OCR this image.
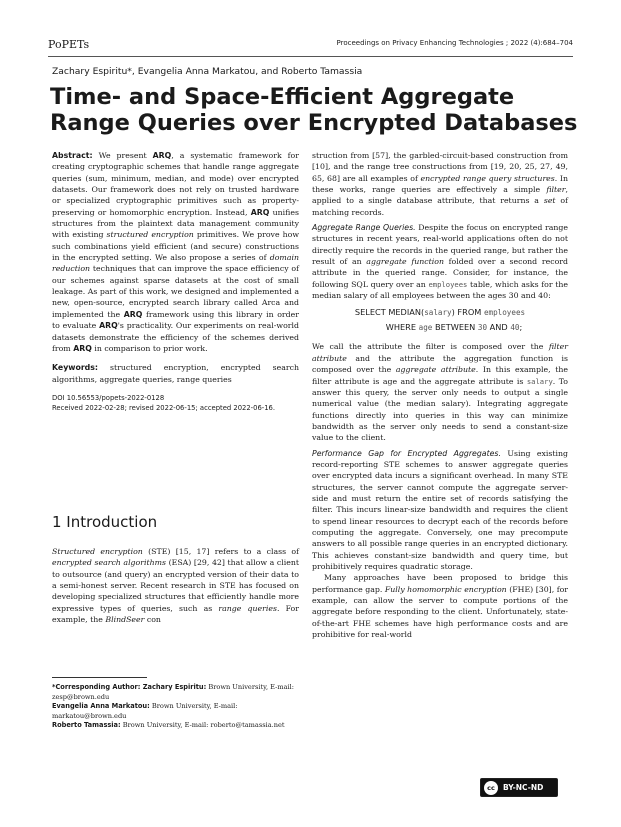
PoPETs	Proceedings on Privacy Enhancing Technologies ; 2022 (4):684–704
Zachary Espiritu*, Evangelia Anna Markatou, and Roberto Tamassia
Time- and Space-Efficient Aggregate Range Queries over Encrypted Databases

Abstract: We present ARQ, a systematic framework for creating cryptographic schemes that handle range aggregate queries (sum, minimum, median, and mode) over encrypted datasets. Our framework does not rely on trusted hardware or specialized cryptographic primitives such as property-preserving or homomorphic encryption. Instead, ARQ unifies structures from the plaintext data management community with existing structured encryption primitives. We prove how such combinations yield efficient (and secure) constructions in the encrypted setting. We also propose a series of domain reduction techniques that can improve the space efficiency of our schemes against sparse datasets at the cost of small leakage. As part of this work, we designed and implemented a new, open-source, encrypted search library called Arca and implemented the ARQ framework using this library in order to evaluate ARQ's practicality. Our experiments on real-world datasets demonstrate the efficiency of the schemes derived from ARQ in comparison to prior work.

Keywords: structured encryption, encrypted search algorithms, aggregate queries, range queries

DOI 10.56553/popets-2022-0128

Received 2022-02-28; revised 2022-06-15; accepted 2022-06-16.

1 Introduction

Structured encryption (STE) [15, 17] refers to a class of encrypted search algorithms (ESA) [29, 42] that allow a client to outsource (and query) an encrypted version of their data to a semi-honest server. Recent research in STE has focused on developing specialized structures that efficiently handle more expressive types of queries, such as range queries. For example, the BlindSeer con

*Corresponding Author: Zachary Espiritu: Brown University, E-mail: zesp@brown.edu

Evangelia Anna Markatou: Brown University, E-mail: markatou@brown.edu

Roberto Tamassia: Brown University, E-mail: roberto@tamassia.net

struction from [57], the garbled-circuit-based construction from [10], and the range tree constructions from [19, 20, 25, 27, 49, 65, 68] are all examples of encrypted range query structures. In these works, range queries are effectively a simple filter, applied to a single database attribute, that returns a set of matching records.

Aggregate Range Queries. Despite the focus on encrypted range structures in recent years, real-world applications often do not directly require the records in the queried range, but rather the result of an aggregate function folded over a second record attribute in the queried range. Consider, for instance, the following SQL query over an employees table, which asks for the median salary of all employees between the ages 30 and 40:

SELECT MEDIAN(salary) FROM employees
WHERE age BETWEEN 30 AND 40;

We call the attribute the filter is composed over the filter attribute and the attribute the aggregation function is composed over the aggregate attribute. In this example, the filter attribute is age and the aggregate attribute is salary. To answer this query, the server only needs to output a single numerical value (the median salary). Integrating aggregate functions directly into queries in this way can minimize bandwidth as the server only needs to send a constant-size value to the client.

Performance Gap for Encrypted Aggregates. Using existing record-reporting STE schemes to answer aggregate queries over encrypted data incurs a significant overhead. In many STE structures, the server cannot compute the aggregate server-side and must return the entire set of records satisfying the filter. This incurs linear-size bandwidth and requires the client to spend linear resources to decrypt each of the records before computing the aggregate. Conversely, one may precompute answers to all possible range queries in an encrypted dictionary. This achieves constant-size bandwidth and query time, but prohibitively requires quadratic storage.

Many approaches have been proposed to bridge this performance gap. Fully homomorphic encryption (FHE) [30], for example, can allow the server to compute portions of the aggregate before responding to the client. Unfortunately, state-of-the-art FHE schemes have high performance costs and are prohibitive for real-world

cc	BY-NC-ND
